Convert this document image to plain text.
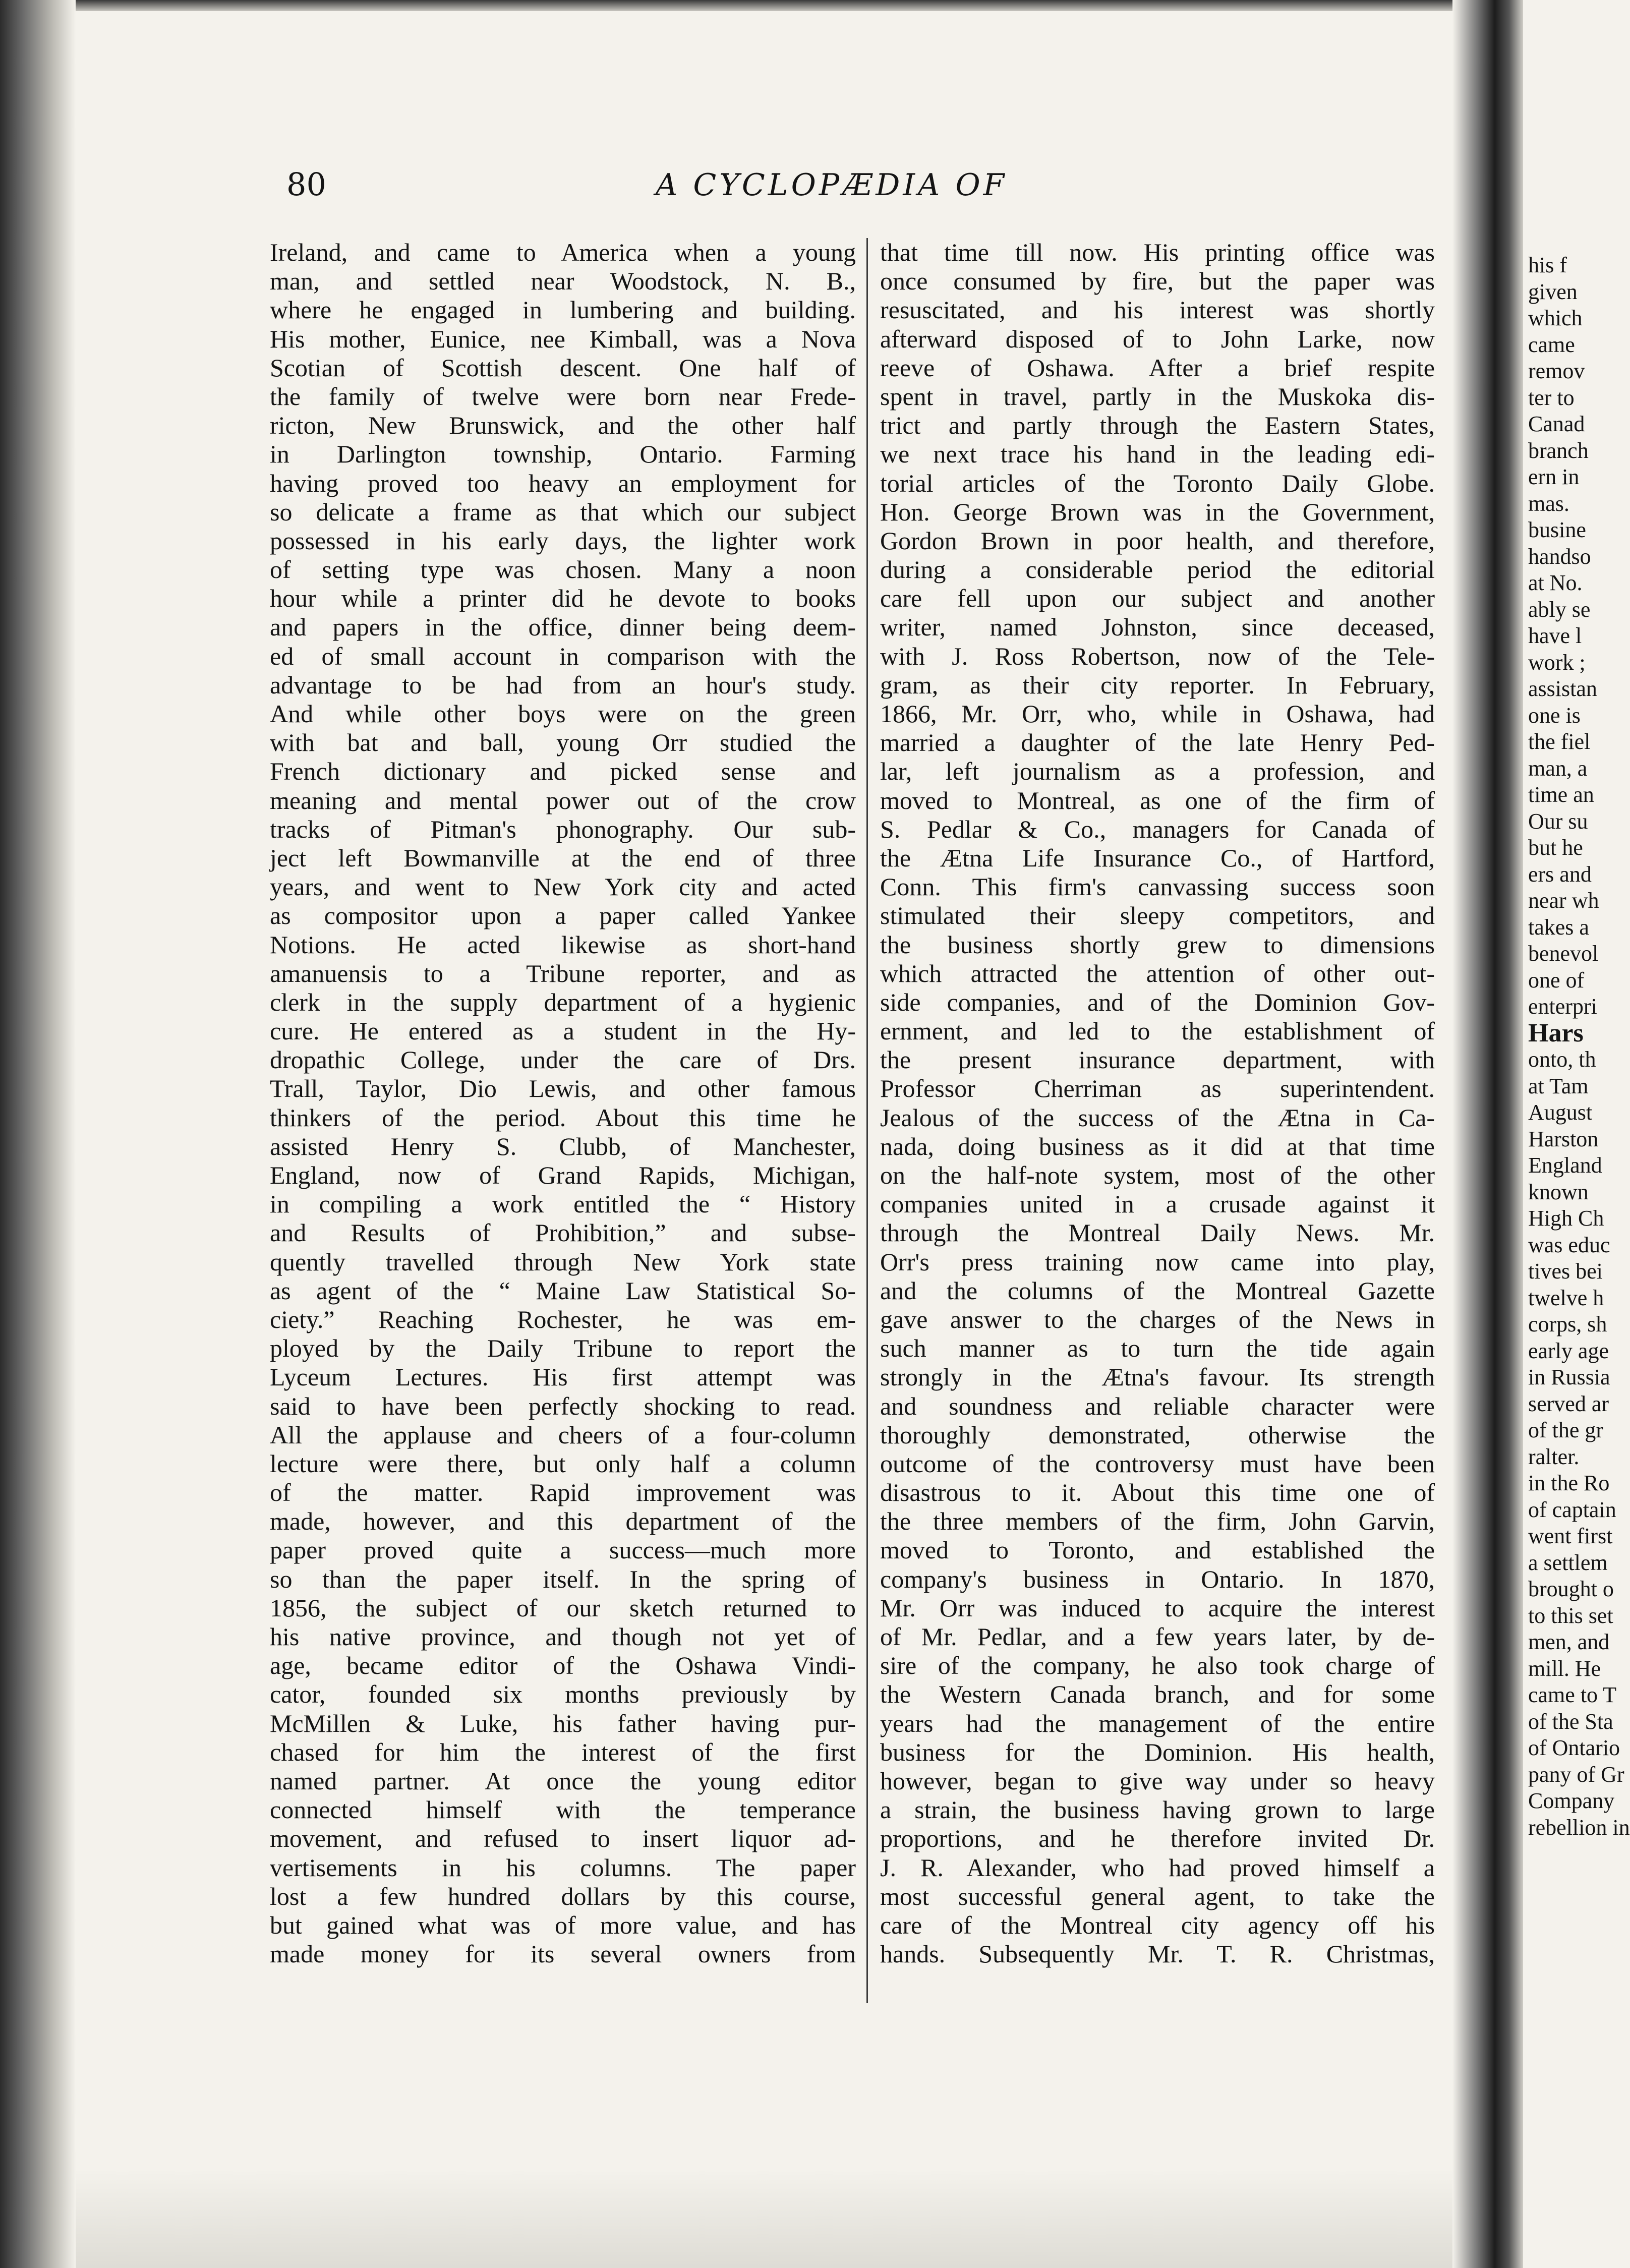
80	A CYCLOPÆDIA OF
Ireland, and came to America when a young
man, and settled near Woodstock, N. B.,
where he engaged in lumbering and building.
His mother, Eunice, nee Kimball, was a Nova
Scotian of Scottish descent. One half of
the family of twelve were born near Frede-
ricton, New Brunswick, and the other half
in Darlington township, Ontario. Farming
having proved too heavy an employment for
so delicate a frame as that which our subject
possessed in his early days, the lighter work
of setting type was chosen. Many a noon
hour while a printer did he devote to books
and papers in the office, dinner being deem-
ed of small account in comparison with the
advantage to be had from an hour's study.
And while other boys were on the green
with bat and ball, young Orr studied the
French dictionary and picked sense and
meaning and mental power out of the crow
tracks of Pitman's phonography. Our sub-
ject left Bowmanville at the end of three
years, and went to New York city and acted
as compositor upon a paper called Yankee
Notions. He acted likewise as short-hand
amanuensis to a Tribune reporter, and as
clerk in the supply department of a hygienic
cure. He entered as a student in the Hy-
dropathic College, under the care of Drs.
Trall, Taylor, Dio Lewis, and other famous
thinkers of the period. About this time he
assisted Henry S. Clubb, of Manchester,
England, now of Grand Rapids, Michigan,
in compiling a work entitled the “ History
and Results of Prohibition,” and subse-
quently travelled through New York state
as agent of the “ Maine Law Statistical So-
ciety.” Reaching Rochester, he was em-
ployed by the Daily Tribune to report the
Lyceum Lectures. His first attempt was
said to have been perfectly shocking to read.
All the applause and cheers of a four-column
lecture were there, but only half a column
of the matter. Rapid improvement was
made, however, and this department of the
paper proved quite a success—much more
so than the paper itself. In the spring of
1856, the subject of our sketch returned to
his native province, and though not yet of
age, became editor of the Oshawa Vindi-
cator, founded six months previously by
McMillen & Luke, his father having pur-
chased for him the interest of the first
named partner. At once the young editor
connected himself with the temperance
movement, and refused to insert liquor ad-
vertisements in his columns. The paper
lost a few hundred dollars by this course,
but gained what was of more value, and has
made money for its several owners from
that time till now. His printing office was
once consumed by fire, but the paper was
resuscitated, and his interest was shortly
afterward disposed of to John Larke, now
reeve of Oshawa. After a brief respite
spent in travel, partly in the Muskoka dis-
trict and partly through the Eastern States,
we next trace his hand in the leading edi-
torial articles of the Toronto Daily Globe.
Hon. George Brown was in the Government,
Gordon Brown in poor health, and therefore,
during a considerable period the editorial
care fell upon our subject and another
writer, named Johnston, since deceased,
with J. Ross Robertson, now of the Tele-
gram, as their city reporter. In February,
1866, Mr. Orr, who, while in Oshawa, had
married a daughter of the late Henry Ped-
lar, left journalism as a profession, and
moved to Montreal, as one of the firm of
S. Pedlar & Co., managers for Canada of
the Ætna Life Insurance Co., of Hartford,
Conn. This firm's canvassing success soon
stimulated their sleepy competitors, and
the business shortly grew to dimensions
which attracted the attention of other out-
side companies, and of the Dominion Gov-
ernment, and led to the establishment of
the present insurance department, with
Professor Cherriman as superintendent.
Jealous of the success of the Ætna in Ca-
nada, doing business as it did at that time
on the half-note system, most of the other
companies united in a crusade against it
through the Montreal Daily News. Mr.
Orr's press training now came into play,
and the columns of the Montreal Gazette
gave answer to the charges of the News in
such manner as to turn the tide again
strongly in the Ætna's favour. Its strength
and soundness and reliable character were
thoroughly demonstrated, otherwise the
outcome of the controversy must have been
disastrous to it. About this time one of
the three members of the firm, John Garvin,
moved to Toronto, and established the
company's business in Ontario. In 1870,
Mr. Orr was induced to acquire the interest
of Mr. Pedlar, and a few years later, by de-
sire of the company, he also took charge of
the Western Canada branch, and for some
years had the management of the entire
business for the Dominion. His health,
however, began to give way under so heavy
a strain, the business having grown to large
proportions, and he therefore invited Dr.
J. R. Alexander, who had proved himself a
most successful general agent, to take the
care of the Montreal city agency off his
hands. Subsequently Mr. T. R. Christmas,
his f
given
which
came
remov
ter to
Canad
branch
ern in
mas.
busine
handso
at No.
ably se
have l
work ;
assistan
one is
the fiel
man, a
time an
Our su
but he
ers and
near wh
takes a
benevol
one of
enterpri
Hars
onto, th
at Tam
August
Harston
England
known
High Ch
was educ
tives bei
twelve h
corps, sh
early age
in Russia
served ar
of the gr
ralter.
in the Ro
of captain
went first
a settlem
brought o
to this set
men, and
mill. He
came to T
of the Sta
of Ontario
pany of Gr
Company
rebellion in
